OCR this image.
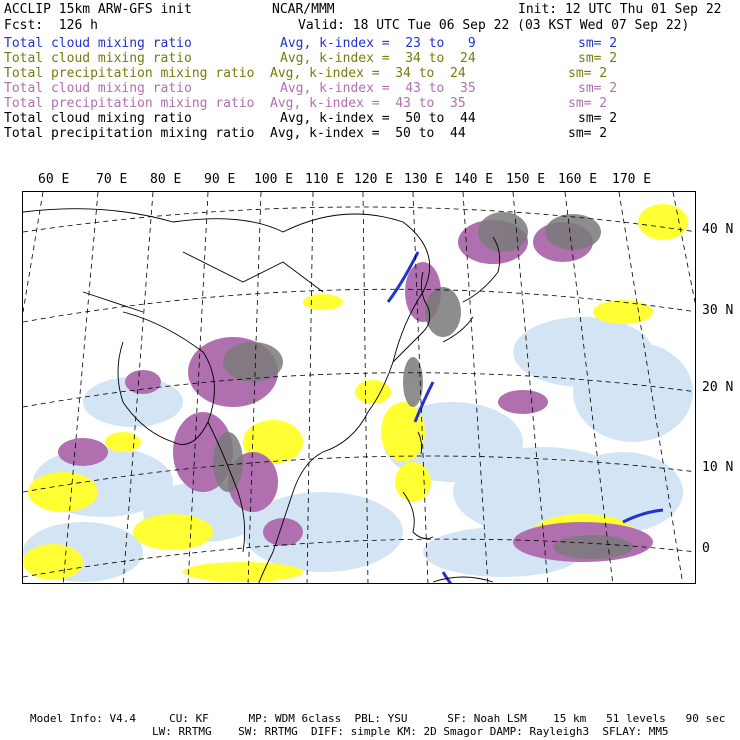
ACCLIP 15km ARW-GFS init	NCAR/MMM	Init: 12 UTC Thu 01 Sep 22
Fcst:  126 h	Valid: 18 UTC Tue 06 Sep 22 (03 KST Wed 07 Sep 22)
Total cloud mixing ratio	Avg, k-index =  23 to   9	sm= 2
Total cloud mixing ratio	Avg, k-index =  34 to  24	sm= 2
Total precipitation mixing ratio Avg, k-index =  34 to  24	sm= 2
Total cloud mixing ratio	Avg, k-index =  43 to  35	sm= 2
Total precipitation mixing ratio Avg, k-index =  43 to  35	sm= 2
Total cloud mixing ratio	Avg, k-index =  50 to  44	sm= 2
Total precipitation mixing ratio Avg, k-index =  50 to  44	sm= 2
60 E 70 E 80 E 90 E 100 E 110 E 120 E 130 E 140 E 150 E 160 E 170 E
40 N
30 N
20 N
10 N
0
Model Info: V4.4     CU: KF      MP: WDM 6class  PBL: YSU      SF: Noah LSM    15 km   51 levels   90 sec
LW: RRTMG    SW: RRTMG  DIFF: simple KM: 2D Smagor DAMP: Rayleigh3  SFLAY: MM5
